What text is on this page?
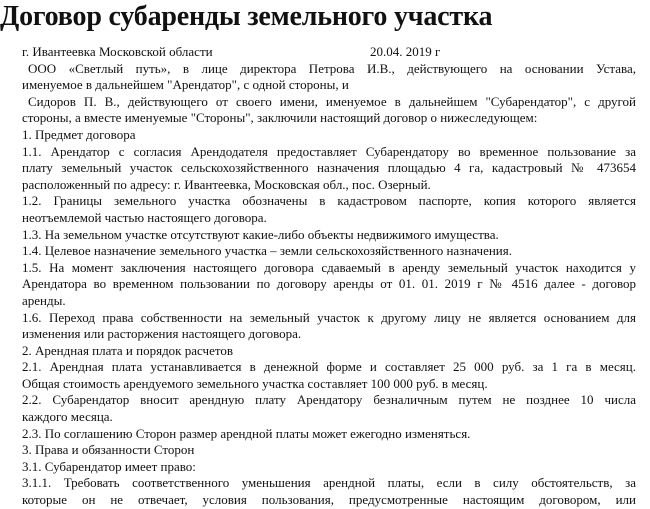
Договор субаренды земельного участка
г. Ивантеевка Московской области	20.04. 2019 г
ООО «Светлый путь», в лице директора Петрова И.В., действующего на основании Устава,
именуемое в дальнейшем "Арендатор", с одной стороны, и
Сидоров П. В., действующего от своего имени, именуемое в дальнейшем "Субарендатор", с другой
стороны, а вместе именуемые "Стороны", заключили настоящий договор о нижеследующем:
1. Предмет договора
1.1. Арендатор с согласия Арендодателя предоставляет Субарендатору во временное пользование за
плату земельный участок сельскохозяйственного назначения площадью 4 га, кадастровый № 473654
расположенный по адресу: г. Ивантеевка, Московская обл., пос. Озерный.
1.2. Границы земельного участка обозначены в кадастровом паспорте, копия которого является
неотъемлемой частью настоящего договора.
1.3. На земельном участке отсутствуют какие-либо объекты недвижимого имущества.
1.4. Целевое назначение земельного участка – земли сельскохозяйственного назначения.
1.5. На момент заключения настоящего договора сдаваемый в аренду земельный участок находится у
Арендатора во временном пользовании по договору аренды от 01. 01. 2019 г № 4516 далее - договор
аренды.
1.6. Переход права собственности на земельный участок к другому лицу не является основанием для
изменения или расторжения настоящего договора.
2. Арендная плата и порядок расчетов
2.1. Арендная плата устанавливается в денежной форме и составляет 25 000 руб. за 1 га в месяц.
Общая стоимость арендуемого земельного участка составляет 100 000 руб. в месяц.
2.2. Субарендатор вносит арендную плату Арендатору безналичным путем не позднее 10 числа
каждого месяца.
2.3. По соглашению Сторон размер арендной платы может ежегодно изменяться.
3. Права и обязанности Сторон
3.1. Субарендатор имеет право:
3.1.1. Требовать соответственного уменьшения арендной платы, если в силу обстоятельств, за
которые он не отвечает, условия пользования, предусмотренные настоящим договором, или
